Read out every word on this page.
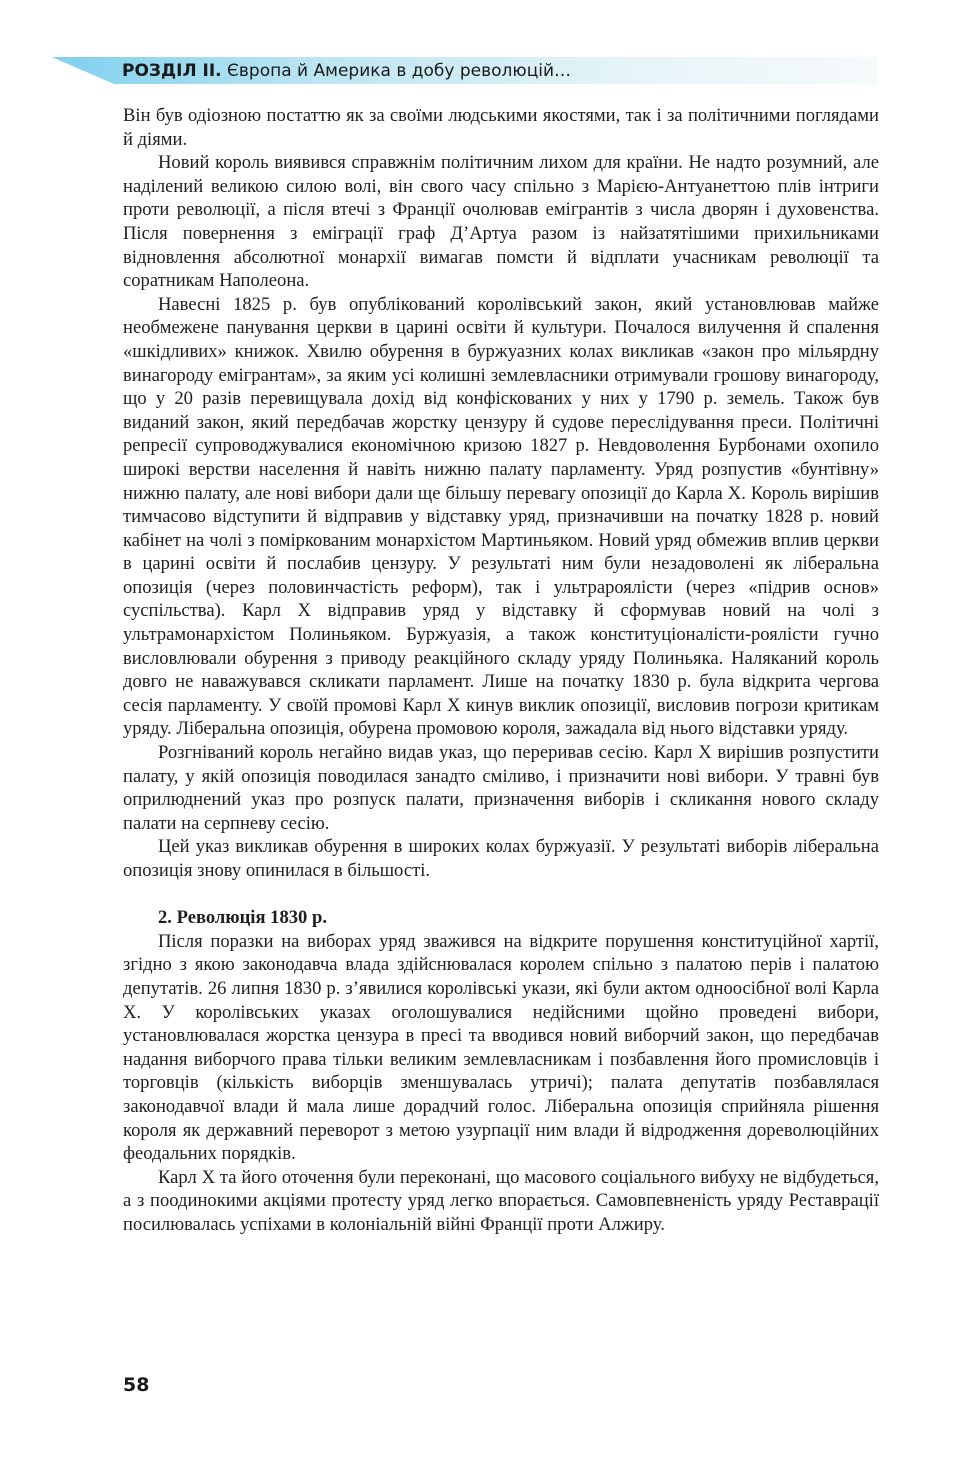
РОЗДІЛ ІІ. Європа й Америка в добу революцій…

Він був одіозною постаттю як за своїми людськими якостями, так і за політичними поглядами й діями.

Новий король виявився справжнім політичним лихом для країни. Не надто розумний, але наділений великою силою волі, він свого часу спільно з Марією-Антуанеттою плів інтриги проти революції, а після втечі з Франції очолював емігрантів з числа дворян і духовенства. Після повернення з еміграції граф Д’Артуа разом із найзатятішими прихильниками відновлення абсолютної монархії вимагав помсти й відплати учасникам революції та соратникам Наполеона.

Навесні 1825 р. був опублікований королівський закон, який установлював майже необмежене панування церкви в царині освіти й культури. Почалося вилучення й спалення «шкідливих» книжок. Хвилю обурення в буржуазних колах викликав «закон про мільярдну винагороду емігрантам», за яким усі колишні землевласники отримували грошову винагороду, що у 20 разів перевищувала дохід від конфіскованих у них у 1790 р. земель. Також був виданий закон, який передбачав жорстку цензуру й судове переслідування преси. Політичні репресії супроводжувалися економічною кризою 1827 р. Невдоволення Бурбонами охопило широкі верстви населення й навіть нижню палату парламенту. Уряд розпустив «бунтівну» нижню палату, але нові вибори дали ще більшу перевагу опозиції до Карла Х. Король вирішив тимчасово відступити й відправив у відставку уряд, призначивши на початку 1828 р. новий кабінет на чолі з поміркованим монархістом Мартиньяком. Новий уряд обмежив вплив церкви в царині освіти й послабив цензуру. У результаті ним були незадоволені як ліберальна опозиція (через половинчастість реформ), так і ультрароялісти (через «підрив основ» суспільства). Карл Х відправив уряд у відставку й сформував новий на чолі з ультрамонархістом Полиньяком. Буржуазія, а також конституціоналісти-роялісти гучно висловлювали обурення з приводу реакційного складу уряду Полиньяка. Наляканий король довго не наважувався скликати парламент. Лише на початку 1830 р. була відкрита чергова сесія парламенту. У своїй промові Карл Х кинув виклик опозиції, висловив погрози критикам уряду. Ліберальна опозиція, обурена промовою короля, зажадала від нього відставки уряду.

Розгніваний король негайно видав указ, що переривав сесію. Карл Х вирішив розпустити палату, у якій опозиція поводилася занадто сміливо, і призначити нові вибори. У травні був оприлюднений указ про розпуск палати, призначення виборів і скликання нового складу палати на серпневу сесію.

Цей указ викликав обурення в широких колах буржуазії. У результаті виборів ліберальна опозиція знову опинилася в більшості.

2. Революція 1830 р.

Після поразки на виборах уряд зважився на відкрите порушення конституційної хартії, згідно з якою законодавча влада здійснювалася королем спільно з палатою перів і палатою депутатів. 26 липня 1830 р. з’явилися королівські укази, які були актом одноосібної волі Карла Х. У королівських указах оголошувалися недійсними щойно проведені вибори, установлювалася жорстка цензура в пресі та вводився новий виборчий закон, що передбачав надання виборчого права тільки великим землевласникам і позбавлення його промисловців і торговців (кількість виборців зменшувалась утричі); палата депутатів позбавлялася законодавчої влади й мала лише дорадчий голос. Ліберальна опозиція сприйняла рішення короля як державний переворот з метою узурпації ним влади й відродження дореволюційних феодальних порядків.

Карл Х та його оточення були переконані, що масового соціального вибуху не відбудеться, а з поодинокими акціями протесту уряд легко впорається. Самовпевненість уряду Реставрації посилювалась успіхами в колоніальній війні Франції проти Алжиру.

58
